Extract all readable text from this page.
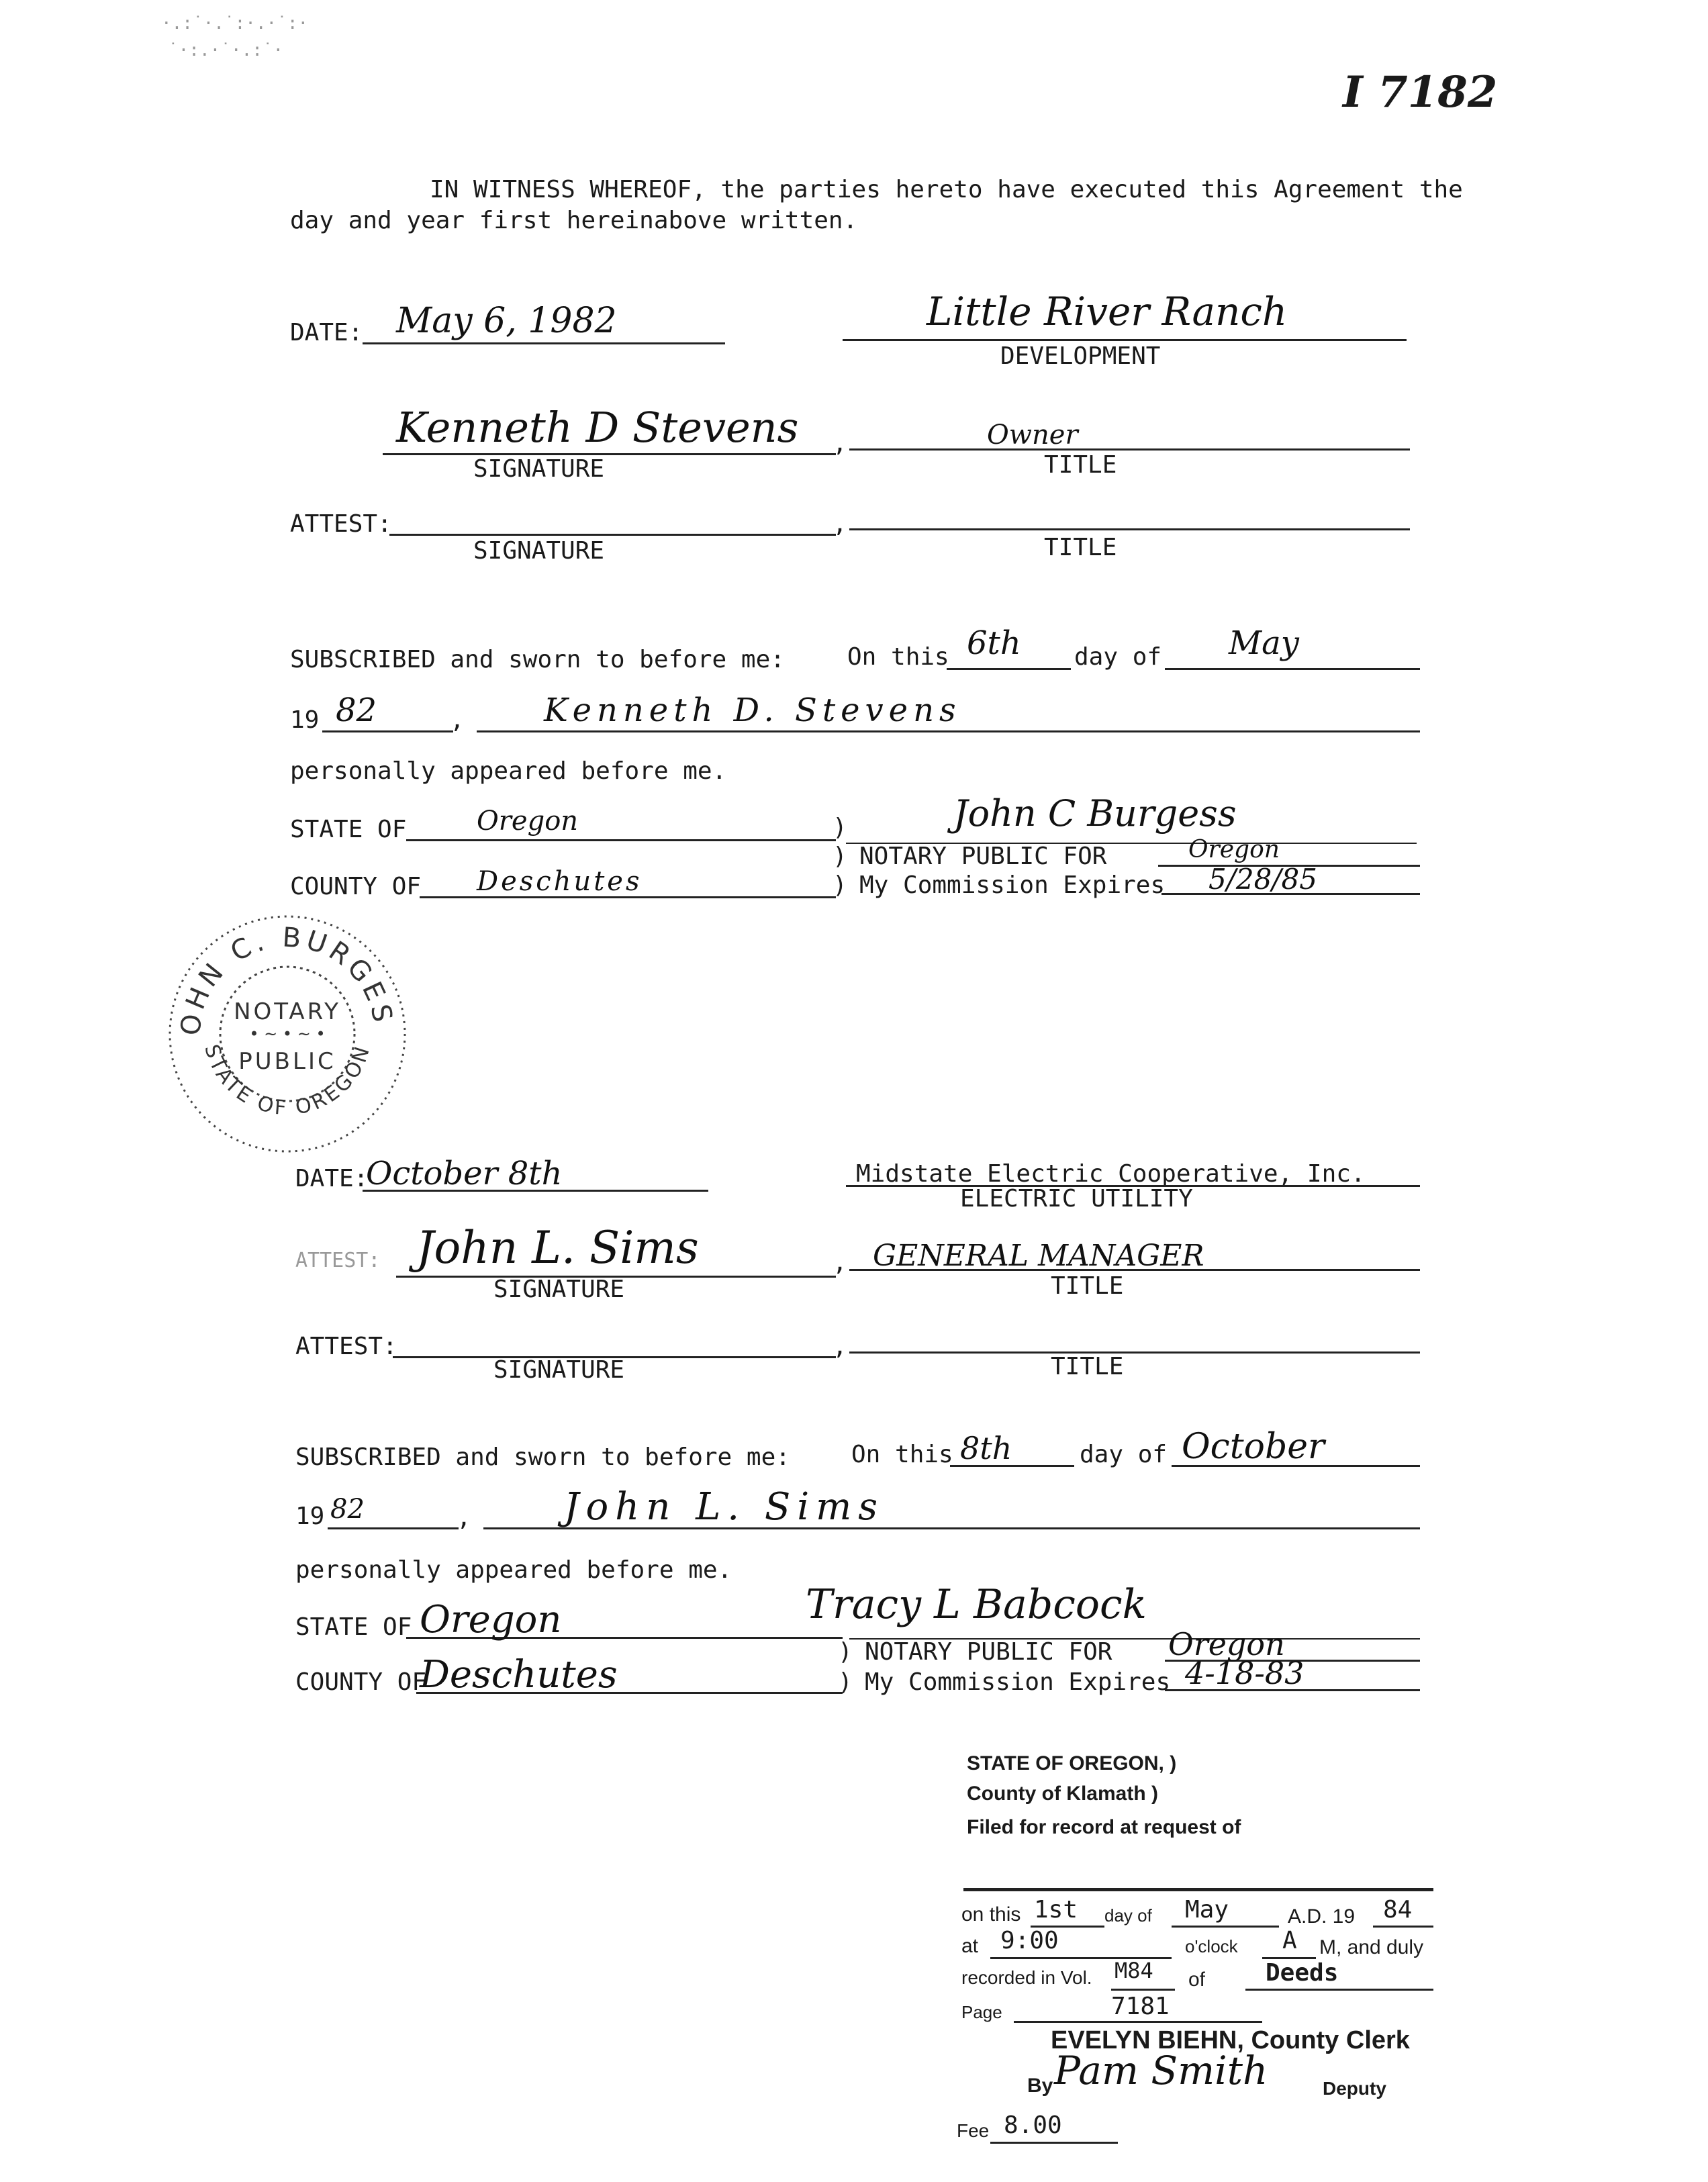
·.:˙·.˙:·.·˙:·
˙·:.·˙·.:˙·
I 7182
IN WITNESS WHEREOF, the parties hereto have executed this Agreement the
day and year first hereinabove written.
DATE: May 6, 1982	Little River Ranch
DEVELOPMENT
Kenneth D Stevens
SIGNATURE
,	Owner
TITLE
ATTEST:
SIGNATURE
,
TITLE
SUBSCRIBED and sworn to before me:	On this 6th day of May
19 82	, Kenneth D. Stevens
personally appeared before me.
STATE OF	Oregon	)	John C Burgess
) NOTARY PUBLIC FOR	Oregon
COUNTY OF Deschutes	) My Commission Expires 5/28/85
OHN C. BURGES
NOTARY
• ~ • ~ •
PUBLIC
STATE OF OREGON
DATE:
October 8th	Midstate Electric Cooperative, Inc.
ELECTRIC UTILITY
ATTEST: John L. Sims
SIGNATURE
, GENERAL MANAGER
TITLE
ATTEST:
SIGNATURE
,
TITLE
SUBSCRIBED and sworn to before me:	On this 8th	day of October
19 82	, John L. Sims
personally appeared before me.
STATE OF Oregon	Tracy L Babcock
) NOTARY PUBLIC FOR Oregon
COUNTY OF
Deschutes	) My Commission Expires 4-18-83
STATE OF OREGON, )
County of Klamath )
Filed for record at request of
on this 1st day of May	A.D. 19 84
at 9:00	o'clock A M, and duly
recorded in Vol. M84 of Deeds
Page	7181
EVELYN BIEHN, County Clerk
By Pam Smith	Deputy
Fee 8.00
